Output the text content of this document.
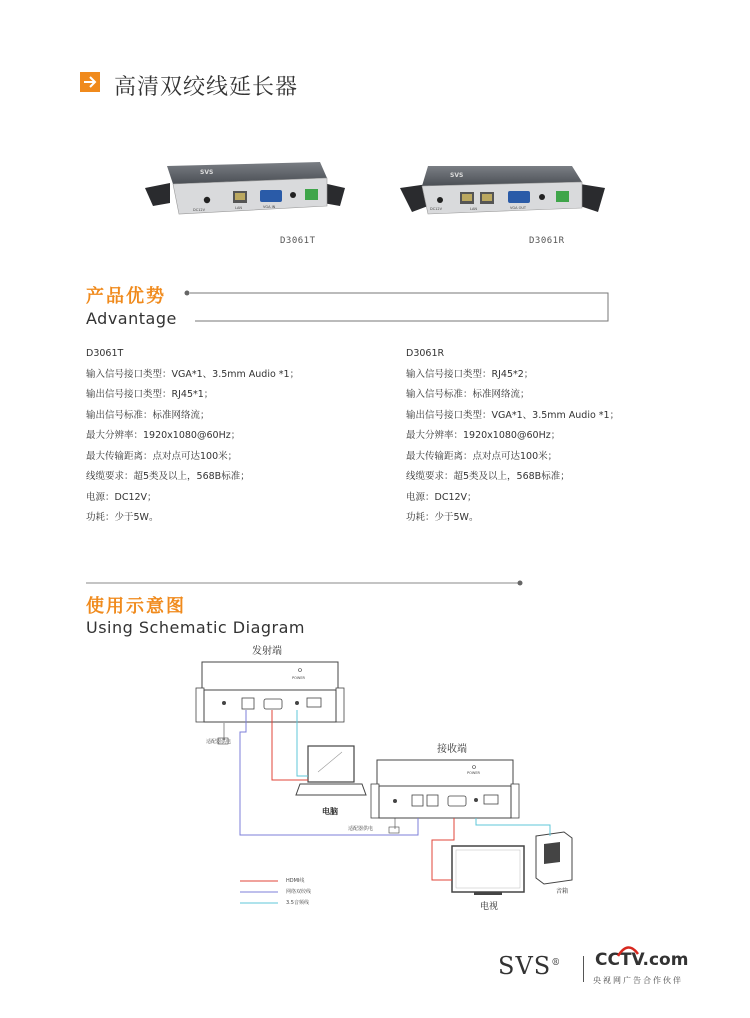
高清双绞线延长器
DC12V	LAN	VGA IN
SVS
D3061T
DC12V	LAN	VGA OUT
SVS
D3061R
产品优势
Advantage
D3061T
输入信号接口类型：VGA*1、3.5mm Audio *1；
输出信号接口类型：RJ45*1；
输出信号标准：标准网络流；
最大分辨率：1920x1080@60Hz；
最大传输距离：点对点可达100米；
线缆要求：超5类及以上，568B标准；
电源：DC12V；
功耗：少于5W。
D3061R
输入信号接口类型：RJ45*2；
输入信号标准：标准网络流；
输出信号接口类型：VGA*1、3.5mm Audio *1；
最大分辨率：1920x1080@60Hz；
最大传输距离：点对点可达100米；
线缆要求：超5类及以上，568B标准；
电源：DC12V；
功耗：少于5W。
使用示意图
Using Schematic Diagram
发射端
POWER
适配器供电
电脑
接收端
POWER
适配器供电
电视
音箱
HDMI线
网络双绞线
3.5音频线
SVS® CCTV.com
央视网广告合作伙伴
